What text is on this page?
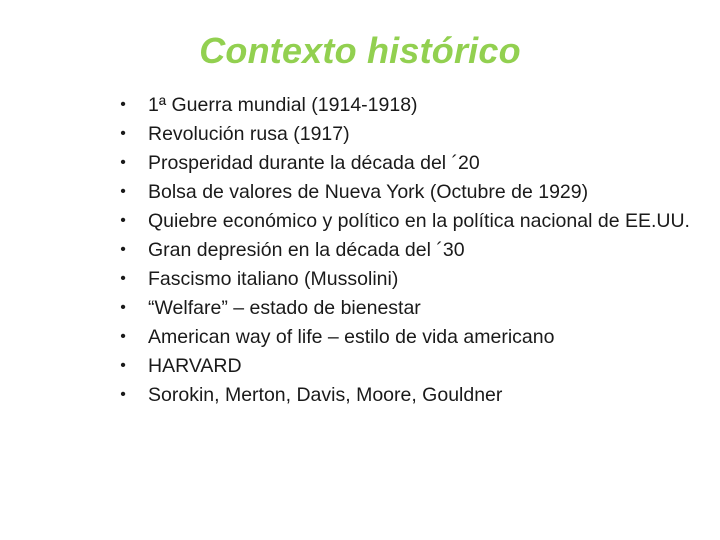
Contexto histórico
• 1ª Guerra mundial (1914-1918)
• Revolución rusa (1917)
• Prosperidad durante la década del ´20
• Bolsa de valores de Nueva York (Octubre de 1929)
• Quiebre económico y político en la política nacional de EE.UU.
• Gran depresión en la década del ´30
• Fascismo italiano (Mussolini)
• “Welfare” – estado de bienestar
• American way of life – estilo de vida americano
• HARVARD
• Sorokin, Merton, Davis, Moore, Gouldner
